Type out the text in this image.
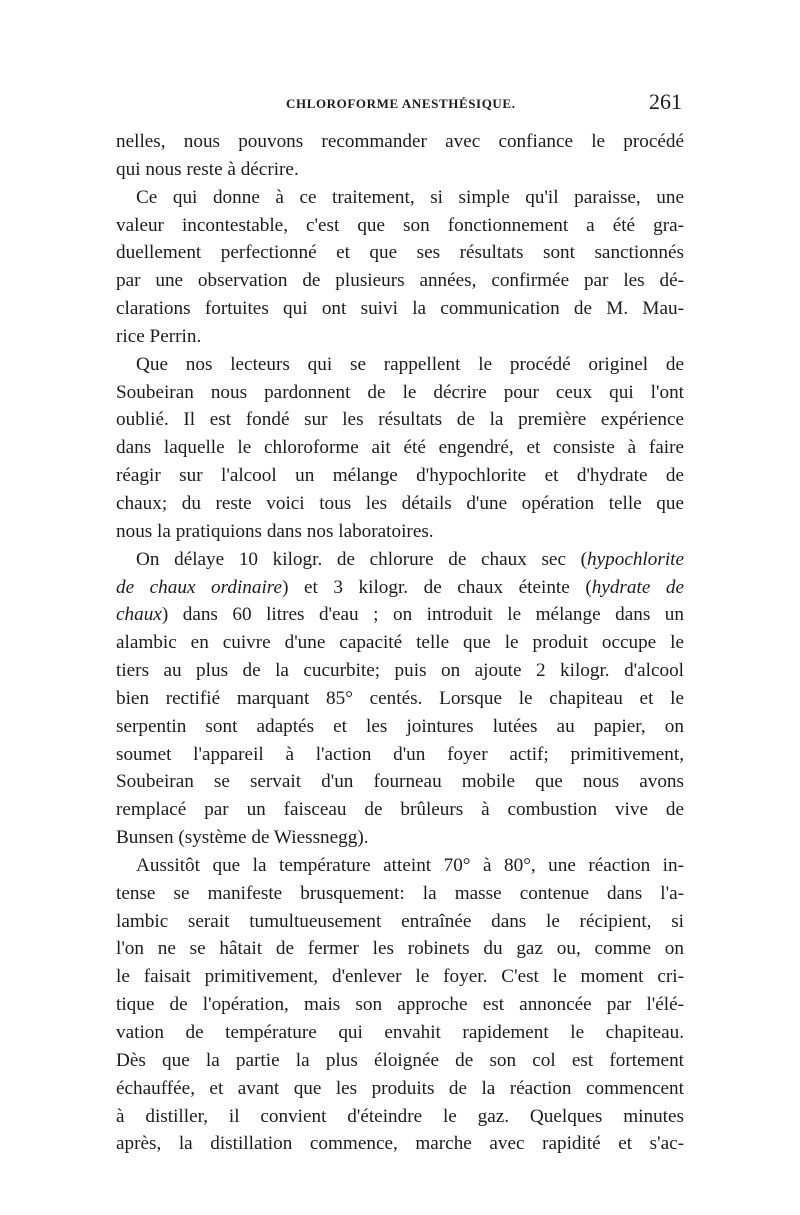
CHLOROFORME ANESTHÉSIQUE.	261
nelles, nous pouvons recommander avec confiance le procédé
qui nous reste à décrire.
Ce qui donne à ce traitement, si simple qu'il paraisse, une
valeur incontestable, c'est que son fonctionnement a été gra-
duellement perfectionné et que ses résultats sont sanctionnés
par une observation de plusieurs années, confirmée par les dé-
clarations fortuites qui ont suivi la communication de M. Mau-
rice Perrin.
Que nos lecteurs qui se rappellent le procédé originel de
Soubeiran nous pardonnent de le décrire pour ceux qui l'ont
oublié. Il est fondé sur les résultats de la première expérience
dans laquelle le chloroforme ait été engendré, et consiste à faire
réagir sur l'alcool un mélange d'hypochlorite et d'hydrate de
chaux; du reste voici tous les détails d'une opération telle que
nous la pratiquions dans nos laboratoires.
On délaye 10 kilogr. de chlorure de chaux sec (hypochlorite
de chaux ordinaire) et 3 kilogr. de chaux éteinte (hydrate de
chaux) dans 60 litres d'eau ; on introduit le mélange dans un
alambic en cuivre d'une capacité telle que le produit occupe le
tiers au plus de la cucurbite; puis on ajoute 2 kilogr. d'alcool
bien rectifié marquant 85° centés. Lorsque le chapiteau et le
serpentin sont adaptés et les jointures lutées au papier, on
soumet l'appareil à l'action d'un foyer actif; primitivement,
Soubeiran se servait d'un fourneau mobile que nous avons
remplacé par un faisceau de brûleurs à combustion vive de
Bunsen (système de Wiessnegg).
Aussitôt que la température atteint 70° à 80°, une réaction in-
tense se manifeste brusquement: la masse contenue dans l'a-
lambic serait tumultueusement entraînée dans le récipient, si
l'on ne se hâtait de fermer les robinets du gaz ou, comme on
le faisait primitivement, d'enlever le foyer. C'est le moment cri-
tique de l'opération, mais son approche est annoncée par l'élé-
vation de température qui envahit rapidement le chapiteau.
Dès que la partie la plus éloignée de son col est fortement
échauffée, et avant que les produits de la réaction commencent
à distiller, il convient d'éteindre le gaz. Quelques minutes
après, la distillation commence, marche avec rapidité et s'ac-
